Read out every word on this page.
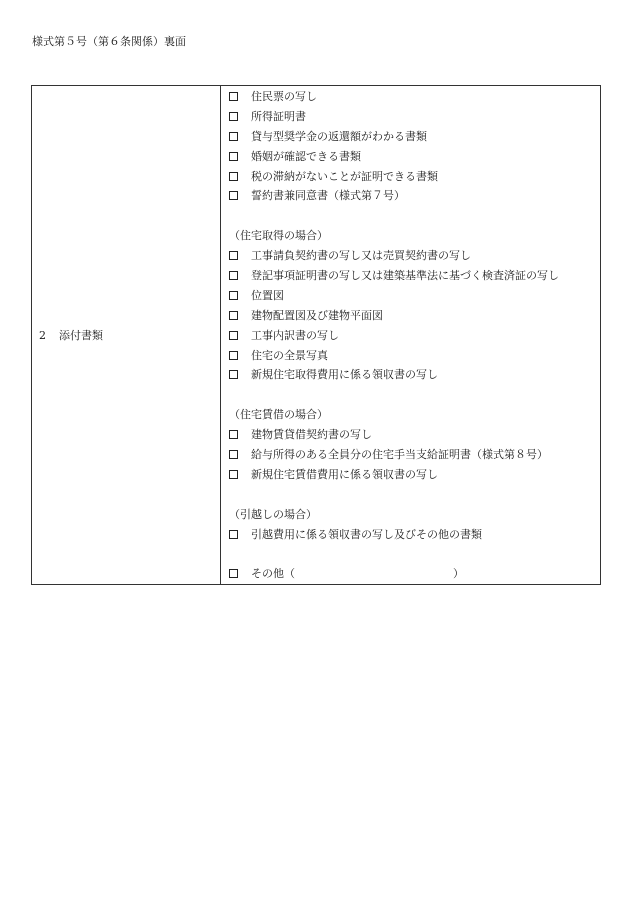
様式第５号（第６条関係）裏面
2 添付書類
住民票の写し
所得証明書
貸与型奨学金の返還額がわかる書類
婚姻が確認できる書類
税の滞納がないことが証明できる書類
誓約書兼同意書（様式第７号）
（住宅取得の場合）
工事請負契約書の写し又は売買契約書の写し
登記事項証明書の写し又は建築基準法に基づく検査済証の写し
位置図
建物配置図及び建物平面図
工事内訳書の写し
住宅の全景写真
新規住宅取得費用に係る領収書の写し
（住宅賃借の場合）
建物賃貸借契約書の写し
給与所得のある全員分の住宅手当支給証明書（様式第８号）
新規住宅賃借費用に係る領収書の写し
（引越しの場合）
引越費用に係る領収書の写し及びその他の書類
その他（	）
